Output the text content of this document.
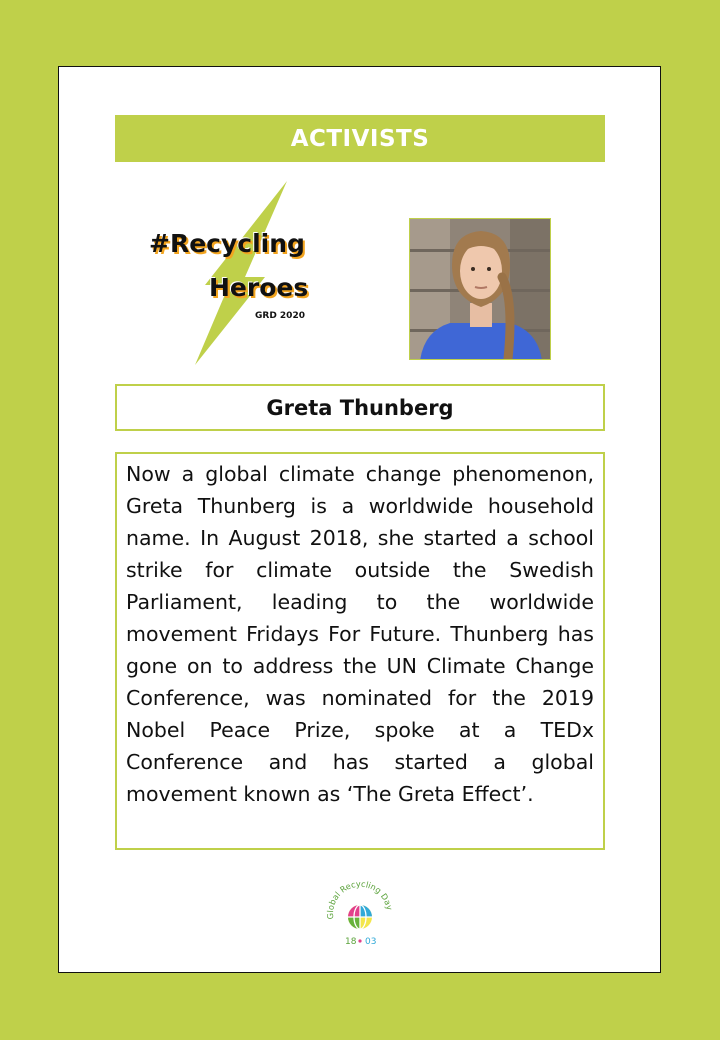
ACTIVISTS
#Recycling
Heroes
GRD 2020
Greta Thunberg

Now a global climate change phenomenon, Greta Thunberg is a worldwide household name. In August 2018, she started a school strike for climate outside the Swedish Parliament, leading to the worldwide movement Fridays For Future. Thunberg has gone on to address the UN Climate Change Conference, was nominated for the 2019 Nobel Peace Prize, spoke at a TEDx Conference and has started a global movement known as ‘The Greta Effect’.

Global Recycling Day
18 03
